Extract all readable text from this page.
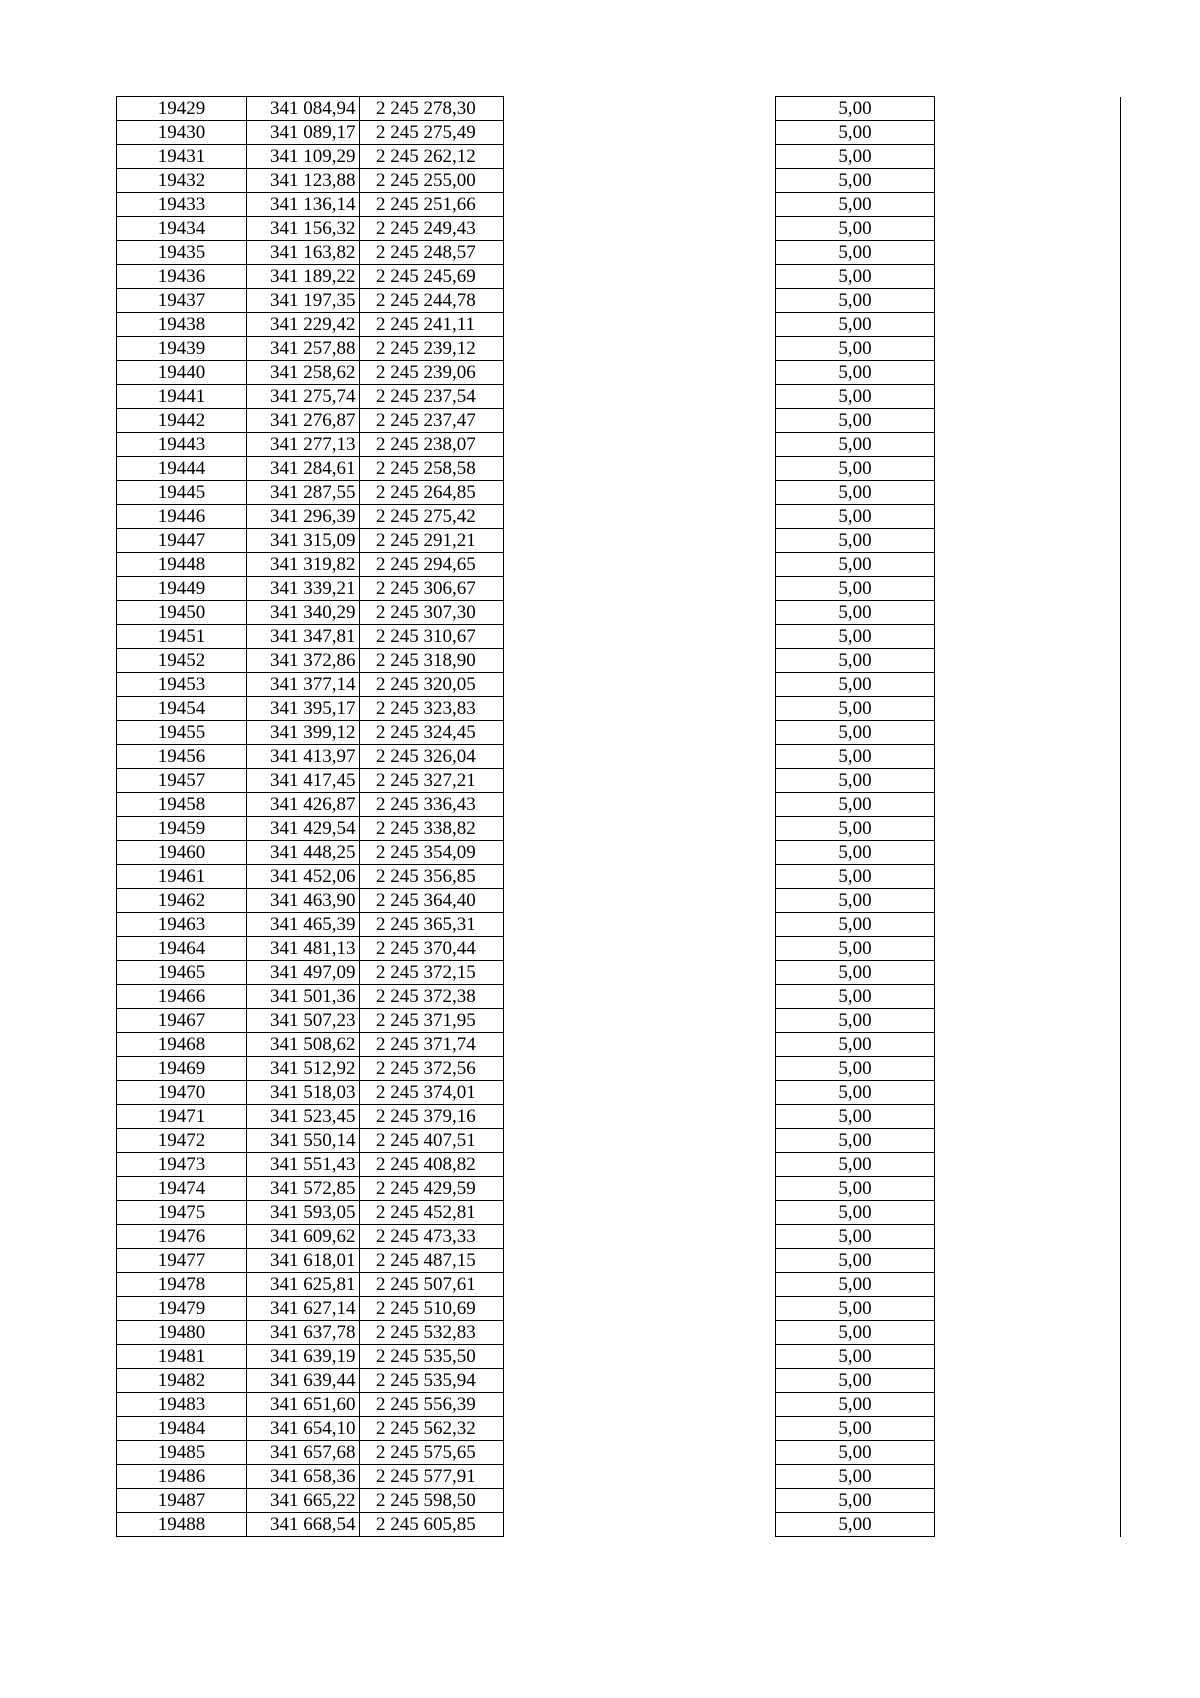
19429	341 084,94	2 245 278,30		5,00	
19430	341 089,17	2 245 275,49		5,00	
19431	341 109,29	2 245 262,12		5,00	
19432	341 123,88	2 245 255,00		5,00	
19433	341 136,14	2 245 251,66		5,00	
19434	341 156,32	2 245 249,43		5,00	
19435	341 163,82	2 245 248,57		5,00	
19436	341 189,22	2 245 245,69		5,00	
19437	341 197,35	2 245 244,78		5,00	
19438	341 229,42	2 245 241,11		5,00	
19439	341 257,88	2 245 239,12		5,00	
19440	341 258,62	2 245 239,06		5,00	
19441	341 275,74	2 245 237,54		5,00	
19442	341 276,87	2 245 237,47		5,00	
19443	341 277,13	2 245 238,07		5,00	
19444	341 284,61	2 245 258,58		5,00	
19445	341 287,55	2 245 264,85		5,00	
19446	341 296,39	2 245 275,42		5,00	
19447	341 315,09	2 245 291,21		5,00	
19448	341 319,82	2 245 294,65		5,00	
19449	341 339,21	2 245 306,67		5,00	
19450	341 340,29	2 245 307,30		5,00	
19451	341 347,81	2 245 310,67		5,00	
19452	341 372,86	2 245 318,90		5,00	
19453	341 377,14	2 245 320,05		5,00	
19454	341 395,17	2 245 323,83		5,00	
19455	341 399,12	2 245 324,45		5,00	
19456	341 413,97	2 245 326,04		5,00	
19457	341 417,45	2 245 327,21		5,00	
19458	341 426,87	2 245 336,43		5,00	
19459	341 429,54	2 245 338,82		5,00	
19460	341 448,25	2 245 354,09		5,00	
19461	341 452,06	2 245 356,85		5,00	
19462	341 463,90	2 245 364,40		5,00	
19463	341 465,39	2 245 365,31		5,00	
19464	341 481,13	2 245 370,44		5,00	
19465	341 497,09	2 245 372,15		5,00	
19466	341 501,36	2 245 372,38		5,00	
19467	341 507,23	2 245 371,95		5,00	
19468	341 508,62	2 245 371,74		5,00	
19469	341 512,92	2 245 372,56		5,00	
19470	341 518,03	2 245 374,01		5,00	
19471	341 523,45	2 245 379,16		5,00	
19472	341 550,14	2 245 407,51		5,00	
19473	341 551,43	2 245 408,82		5,00	
19474	341 572,85	2 245 429,59		5,00	
19475	341 593,05	2 245 452,81		5,00	
19476	341 609,62	2 245 473,33		5,00	
19477	341 618,01	2 245 487,15		5,00	
19478	341 625,81	2 245 507,61		5,00	
19479	341 627,14	2 245 510,69		5,00	
19480	341 637,78	2 245 532,83		5,00	
19481	341 639,19	2 245 535,50		5,00	
19482	341 639,44	2 245 535,94		5,00	
19483	341 651,60	2 245 556,39		5,00	
19484	341 654,10	2 245 562,32		5,00	
19485	341 657,68	2 245 575,65		5,00	
19486	341 658,36	2 245 577,91		5,00	
19487	341 665,22	2 245 598,50		5,00	
19488	341 668,54	2 245 605,85		5,00	
